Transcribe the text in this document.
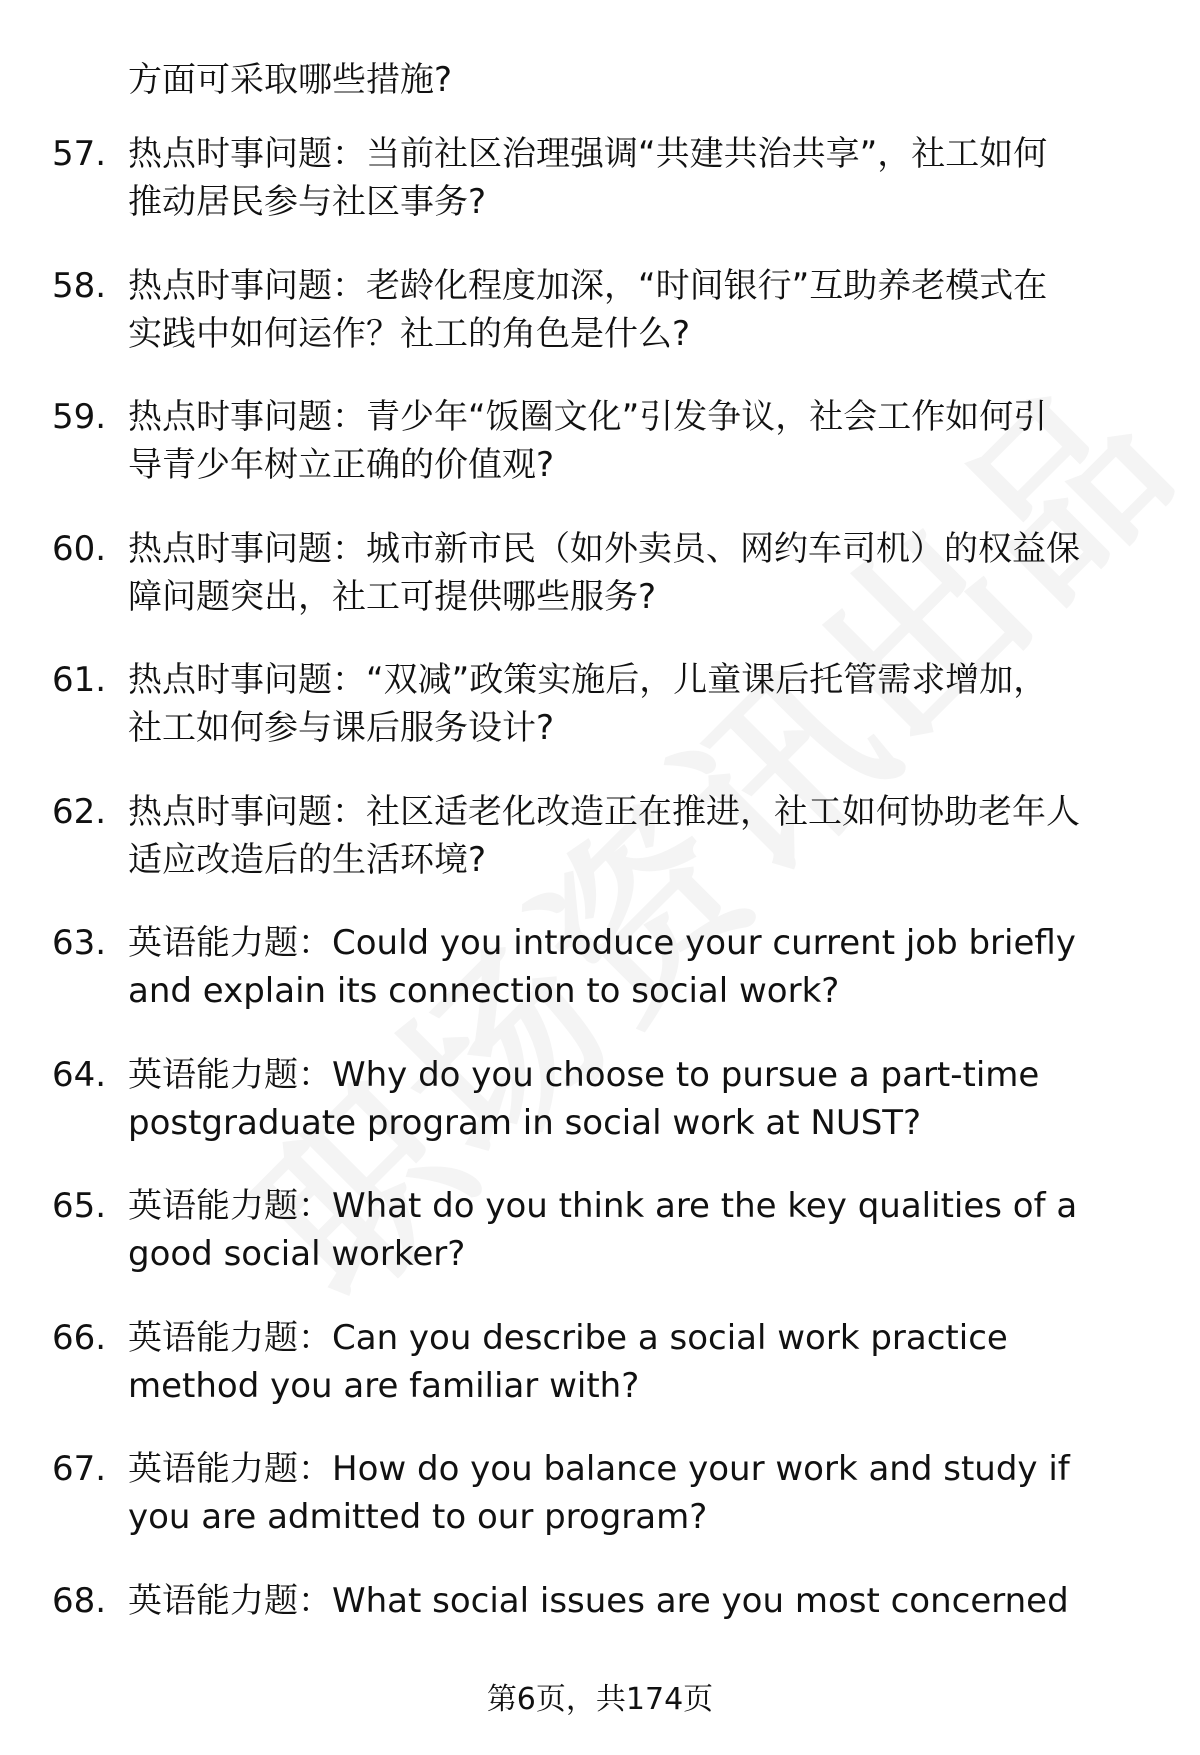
方面可采取哪些措施?
57. 热点时事问题：当前社区治理强调“共建共治共享”，社工如何
推动居民参与社区事务?
58. 热点时事问题：老龄化程度加深，“时间银行”互助养老模式在
实践中如何运作？社工的角色是什么?
59. 热点时事问题：青少年“饭圈文化”引发争议，社会工作如何引
导青少年树立正确的价值观?
60. 热点时事问题：城市新市民（如外卖员、网约车司机）的权益保
障问题突出，社工可提供哪些服务?
61. 热点时事问题：“双减”政策实施后，儿童课后托管需求增加，
社工如何参与课后服务设计?
62. 热点时事问题：社区适老化改造正在推进，社工如何协助老年人
适应改造后的生活环境?
63. 英语能力题：Could you introduce your current job briefly
and explain its connection to social work?
64. 英语能力题：Why do you choose to pursue a part-time
postgraduate program in social work at NUST?
65. 英语能力题：What do you think are the key qualities of a
good social worker?
66. 英语能力题：Can you describe a social work practice
method you are familiar with?
67. 英语能力题：How do you balance your work and study if
you are admitted to our program?
68. 英语能力题：What social issues are you most concerned
第6页，共174页
